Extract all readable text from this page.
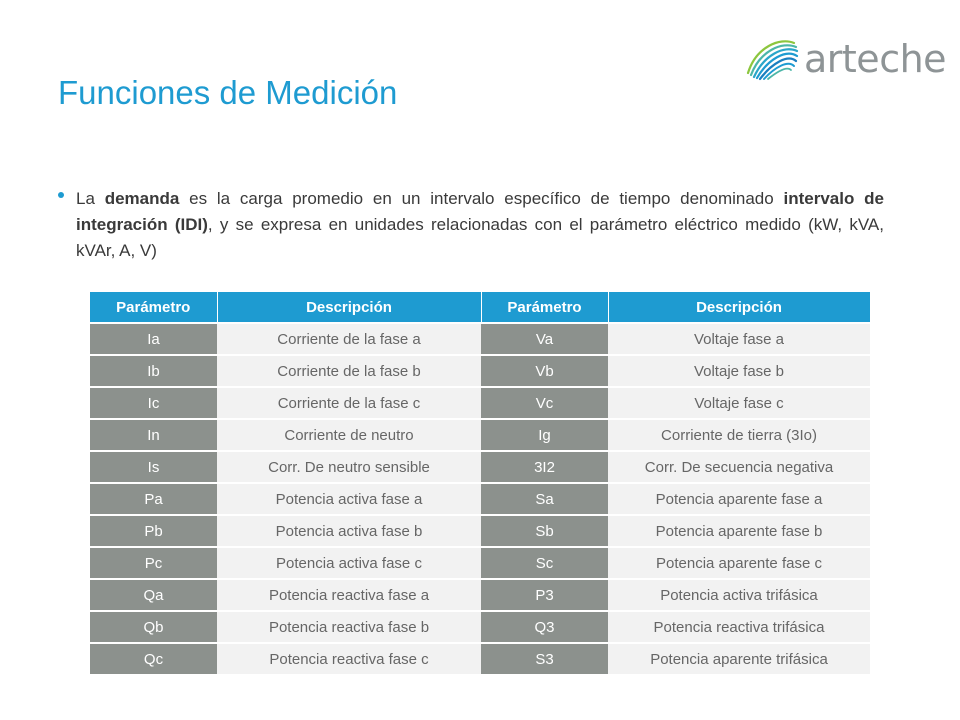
arteche
Funciones de Medición

La demanda es la carga promedio en un intervalo específico de tiempo denominado intervalo de integración (IDI), y se expresa en unidades relacionadas con el parámetro eléctrico medido (kW, kVA, kVAr, A, V)

Parámetro	Descripción	Parámetro	Descripción
Ia	Corriente de la fase a	Va	Voltaje fase a
Ib	Corriente de la fase b	Vb	Voltaje fase b
Ic	Corriente de la fase c	Vc	Voltaje fase c
In	Corriente de neutro	Ig	Corriente de tierra (3Io)
Is	Corr. De neutro sensible	3I2	Corr. De secuencia negativa
Pa	Potencia activa fase a	Sa	Potencia aparente fase a
Pb	Potencia activa fase b	Sb	Potencia aparente fase b
Pc	Potencia activa fase c	Sc	Potencia aparente fase c
Qa	Potencia reactiva fase a	P3	Potencia activa trifásica
Qb	Potencia reactiva fase b	Q3	Potencia reactiva trifásica
Qc	Potencia reactiva fase c	S3	Potencia aparente trifásica
